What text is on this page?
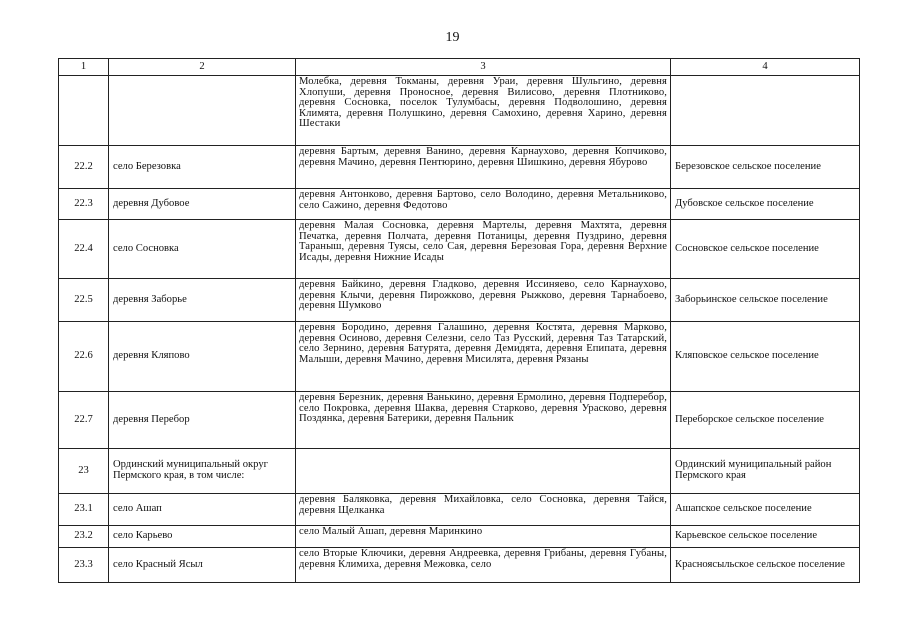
19
1	2	3	4
		Молебка, деревня Токманы, деревня Ураи, деревня Шульгино, деревня Хлопуши, деревня Проносное, деревня Вилисово, деревня Плотниково, деревня Сосновка, поселок Тулумбасы, деревня Подволошино, деревня Климята, деревня Полушкино, деревня Самохино, деревня Харино, деревня Шестаки	
22.2	село Березовка	деревня Бартым, деревня Ванино, деревня Карнаухово, деревня Копчиково, деревня Мачино, деревня Пентюрино, деревня Шишкино, деревня Ябурово	Березовское сельское поселение
22.3	деревня Дубовое	деревня Антонково, деревня Бартово, село Володино, деревня Метальниково, село Сажино, деревня Федотово	Дубовское сельское поселение
22.4	село Сосновка	деревня Малая Сосновка, деревня Мартелы, деревня Махтята, деревня Печатка, деревня Полчата, деревня Потаницы, деревня Пуздрино, деревня Тараныш, деревня Туясы, село Сая, деревня Березовая Гора, деревня Верхние Исады, деревня Нижние Исады	Сосновское сельское поселение
22.5	деревня Заборье	деревня Байкино, деревня Гладково, деревня Иссиняево, село Карнаухово, деревня Клычи, деревня Пирожково, деревня Рыжково, деревня Тарнабоево, деревня Шумково	Заборьинское сельское поселение
22.6	деревня Кляпово	деревня Бородино, деревня Галашино, деревня Костята, деревня Марково, деревня Осиново, деревня Селезни, село Таз Русский, деревня Таз Татарский, село Зернино, деревня Батурята, деревня Демидята, деревня Епипата, деревня Малыши, деревня Мачино, деревня Мисилята, деревня Рязаны	Кляповское сельское поселение
22.7	деревня Перебор	деревня Березник, деревня Ванькино, деревня Ермолино, деревня Подперебор, село Покровка, деревня Шаква, деревня Старково, деревня Урасково, деревня Поздянка, деревня Батерики, деревня Пальник	Переборское сельское поселение
23	Ординский муниципальный округ Пермского края, в том числе:		Ординский муниципальный район Пермского края
23.1	село Ашап	деревня Баляковка, деревня Михайловка, село Сосновка, деревня Тайся, деревня Щелканка	Ашапское сельское поселение
23.2	село Карьево	село Малый Ашап, деревня Маринкино	Карьевское сельское поселение
23.3	село Красный Ясыл	село Вторые Ключики, деревня Андреевка, деревня Грибаны, деревня Губаны, деревня Климиха, деревня Межовка, село	Красноясыльское сельское поселение
